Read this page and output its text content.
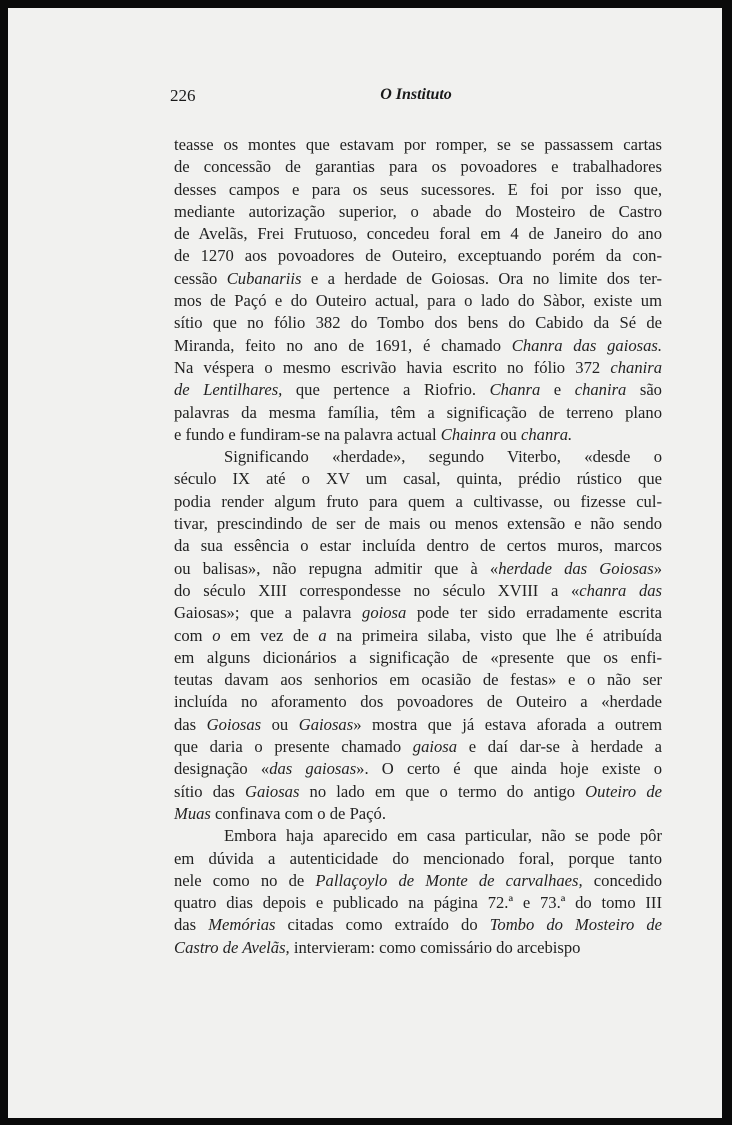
226	O Instituto
teasse os montes que estavam por romper, se se passassem cartas
de concessão de garantias para os povoadores e trabalhadores
desses campos e para os seus sucessores. E foi por isso que,
mediante autorização superior, o abade do Mosteiro de Castro
de Avelãs, Frei Frutuoso, concedeu foral em 4 de Janeiro do ano
de 1270 aos povoadores de Outeiro, exceptuando porém da con-
cessão Cubanariis e a herdade de Goiosas. Ora no limite dos ter-
mos de Paçó e do Outeiro actual, para o lado do Sàbor, existe um
sítio que no fólio 382 do Tombo dos bens do Cabido da Sé de
Miranda, feito no ano de 1691, é chamado Chanra das gaiosas.
Na véspera o mesmo escrivão havia escrito no fólio 372 chanira
de Lentilhares, que pertence a Riofrio. Chanra e chanira são
palavras da mesma família, têm a significação de terreno plano
e fundo e fundiram-se na palavra actual Chainra ou chanra.
Significando «herdade», segundo Viterbo, «desde o
século IX até o XV um casal, quinta, prédio rústico que
podia render algum fruto para quem a cultivasse, ou fizesse cul-
tivar, prescindindo de ser de mais ou menos extensão e não sendo
da sua essência o estar incluída dentro de certos muros, marcos
ou balisas», não repugna admitir que à «herdade das Goiosas»
do século XIII correspondesse no século XVIII a «chanra das
Gaiosas»; que a palavra goiosa pode ter sido erradamente escrita
com o em vez de a na primeira silaba, visto que lhe é atribuída
em alguns dicionários a significação de «presente que os enfi-
teutas davam aos senhorios em ocasião de festas» e o não ser
incluída no aforamento dos povoadores de Outeiro a «herdade
das Goiosas ou Gaiosas» mostra que já estava aforada a outrem
que daria o presente chamado gaiosa e daí dar-se à herdade a
designação «das gaiosas». O certo é que ainda hoje existe o
sítio das Gaiosas no lado em que o termo do antigo Outeiro de
Muas confinava com o de Paçó.
Embora haja aparecido em casa particular, não se pode pôr
em dúvida a autenticidade do mencionado foral, porque tanto
nele como no de Pallaçoylo de Monte de carvalhaes, concedido
quatro dias depois e publicado na página 72.ª e 73.ª do tomo III
das Memórias citadas como extraído do Tombo do Mosteiro de
Castro de Avelãs, intervieram: como comissário do arcebispo
